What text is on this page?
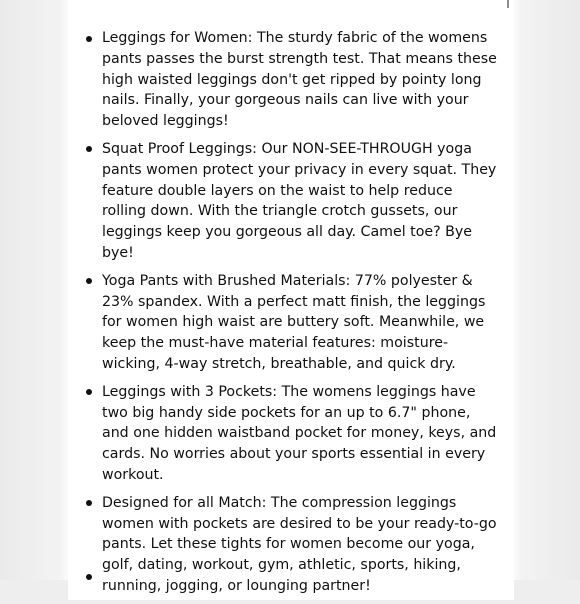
Leggings for Women: The sturdy fabric of the womens pants passes the burst strength test. That means these high waisted leggings don't get ripped by pointy long nails. Finally, your gorgeous nails can live with your beloved leggings!
Squat Proof Leggings: Our NON-SEE-THROUGH yoga pants women protect your privacy in every squat. They feature double layers on the waist to help reduce rolling down. With the triangle crotch gussets, our leggings keep you gorgeous all day. Camel toe? Bye bye!
Yoga Pants with Brushed Materials: 77% polyester & 23% spandex. With a perfect matt finish, the leggings for women high waist are buttery soft. Meanwhile, we keep the must-have material features: moisture-wicking, 4-way stretch, breathable, and quick dry.
Leggings with 3 Pockets: The womens leggings have two big handy side pockets for an up to 6.7" phone, and one hidden waistband pocket for money, keys, and cards. No worries about your sports essential in every workout.
Designed for all Match: The compression leggings women with pockets are desired to be your ready-to-go pants. Let these tights for women become our yoga, golf, dating, workout, gym, athletic, sports, hiking, running, jogging, or lounging partner!
